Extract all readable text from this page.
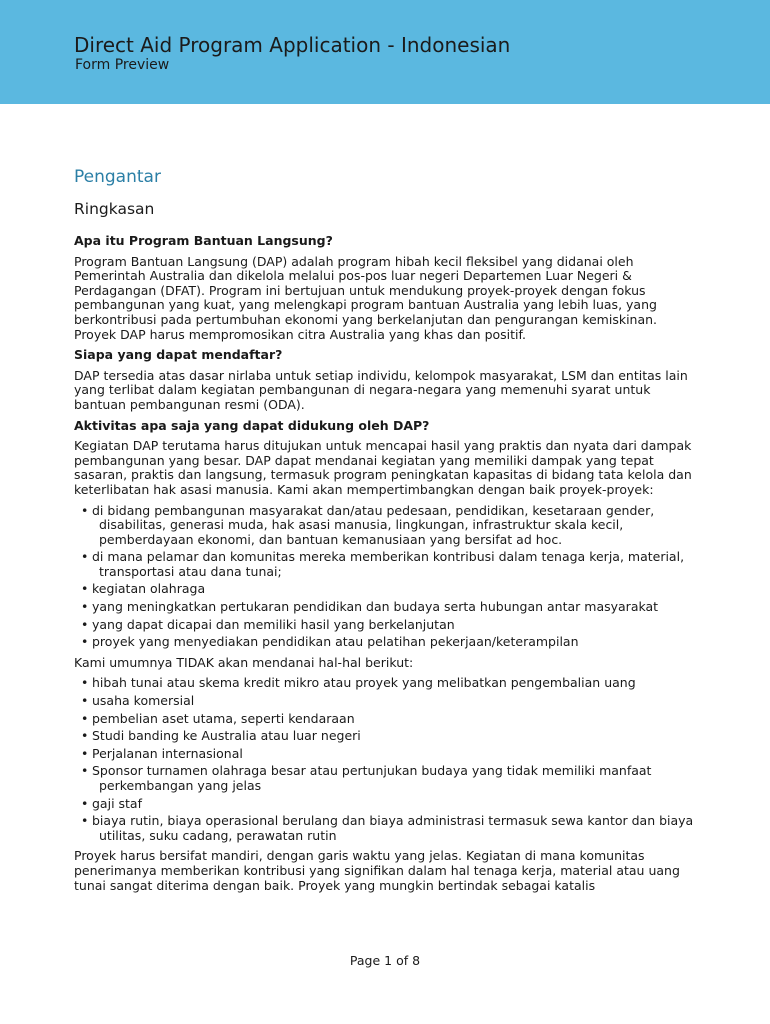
Direct Aid Program Application - Indonesian
Form Preview
Pengantar
Ringkasan
Apa itu Program Bantuan Langsung?
Program Bantuan Langsung (DAP) adalah program hibah kecil fleksibel yang didanai oleh Pemerintah Australia dan dikelola melalui pos-pos luar negeri Departemen Luar Negeri & Perdagangan (DFAT). Program ini bertujuan untuk mendukung proyek-proyek dengan fokus pembangunan yang kuat, yang melengkapi program bantuan Australia yang lebih luas, yang berkontribusi pada pertumbuhan ekonomi yang berkelanjutan dan pengurangan kemiskinan. Proyek DAP harus mempromosikan citra Australia yang khas dan positif.
Siapa yang dapat mendaftar?
DAP tersedia atas dasar nirlaba untuk setiap individu, kelompok masyarakat, LSM dan entitas lain yang terlibat dalam kegiatan pembangunan di negara-negara yang memenuhi syarat untuk bantuan pembangunan resmi (ODA).
Aktivitas apa saja yang dapat didukung oleh DAP?
Kegiatan DAP terutama harus ditujukan untuk mencapai hasil yang praktis dan nyata dari dampak pembangunan yang besar. DAP dapat mendanai kegiatan yang memiliki dampak yang tepat sasaran, praktis dan langsung, termasuk program peningkatan kapasitas di bidang tata kelola dan keterlibatan hak asasi manusia. Kami akan mempertimbangkan dengan baik proyek-proyek:
• di bidang pembangunan masyarakat dan/atau pedesaan, pendidikan, kesetaraan gender, disabilitas, generasi muda, hak asasi manusia, lingkungan, infrastruktur skala kecil, pemberdayaan ekonomi, dan bantuan kemanusiaan yang bersifat ad hoc.
• di mana pelamar dan komunitas mereka memberikan kontribusi dalam tenaga kerja, material, transportasi atau dana tunai;
• kegiatan olahraga
• yang meningkatkan pertukaran pendidikan dan budaya serta hubungan antar masyarakat
• yang dapat dicapai dan memiliki hasil yang berkelanjutan
• proyek yang menyediakan pendidikan atau pelatihan pekerjaan/keterampilan
Kami umumnya TIDAK akan mendanai hal-hal berikut:
• hibah tunai atau skema kredit mikro atau proyek yang melibatkan pengembalian uang
• usaha komersial
• pembelian aset utama, seperti kendaraan
• Studi banding ke Australia atau luar negeri
• Perjalanan internasional
• Sponsor turnamen olahraga besar atau pertunjukan budaya yang tidak memiliki manfaat perkembangan yang jelas
• gaji staf
• biaya rutin, biaya operasional berulang dan biaya administrasi termasuk sewa kantor dan biaya utilitas, suku cadang, perawatan rutin
Proyek harus bersifat mandiri, dengan garis waktu yang jelas. Kegiatan di mana komunitas penerimanya memberikan kontribusi yang signifikan dalam hal tenaga kerja, material atau uang tunai sangat diterima dengan baik. Proyek yang mungkin bertindak sebagai katalis
Page 1 of 8
